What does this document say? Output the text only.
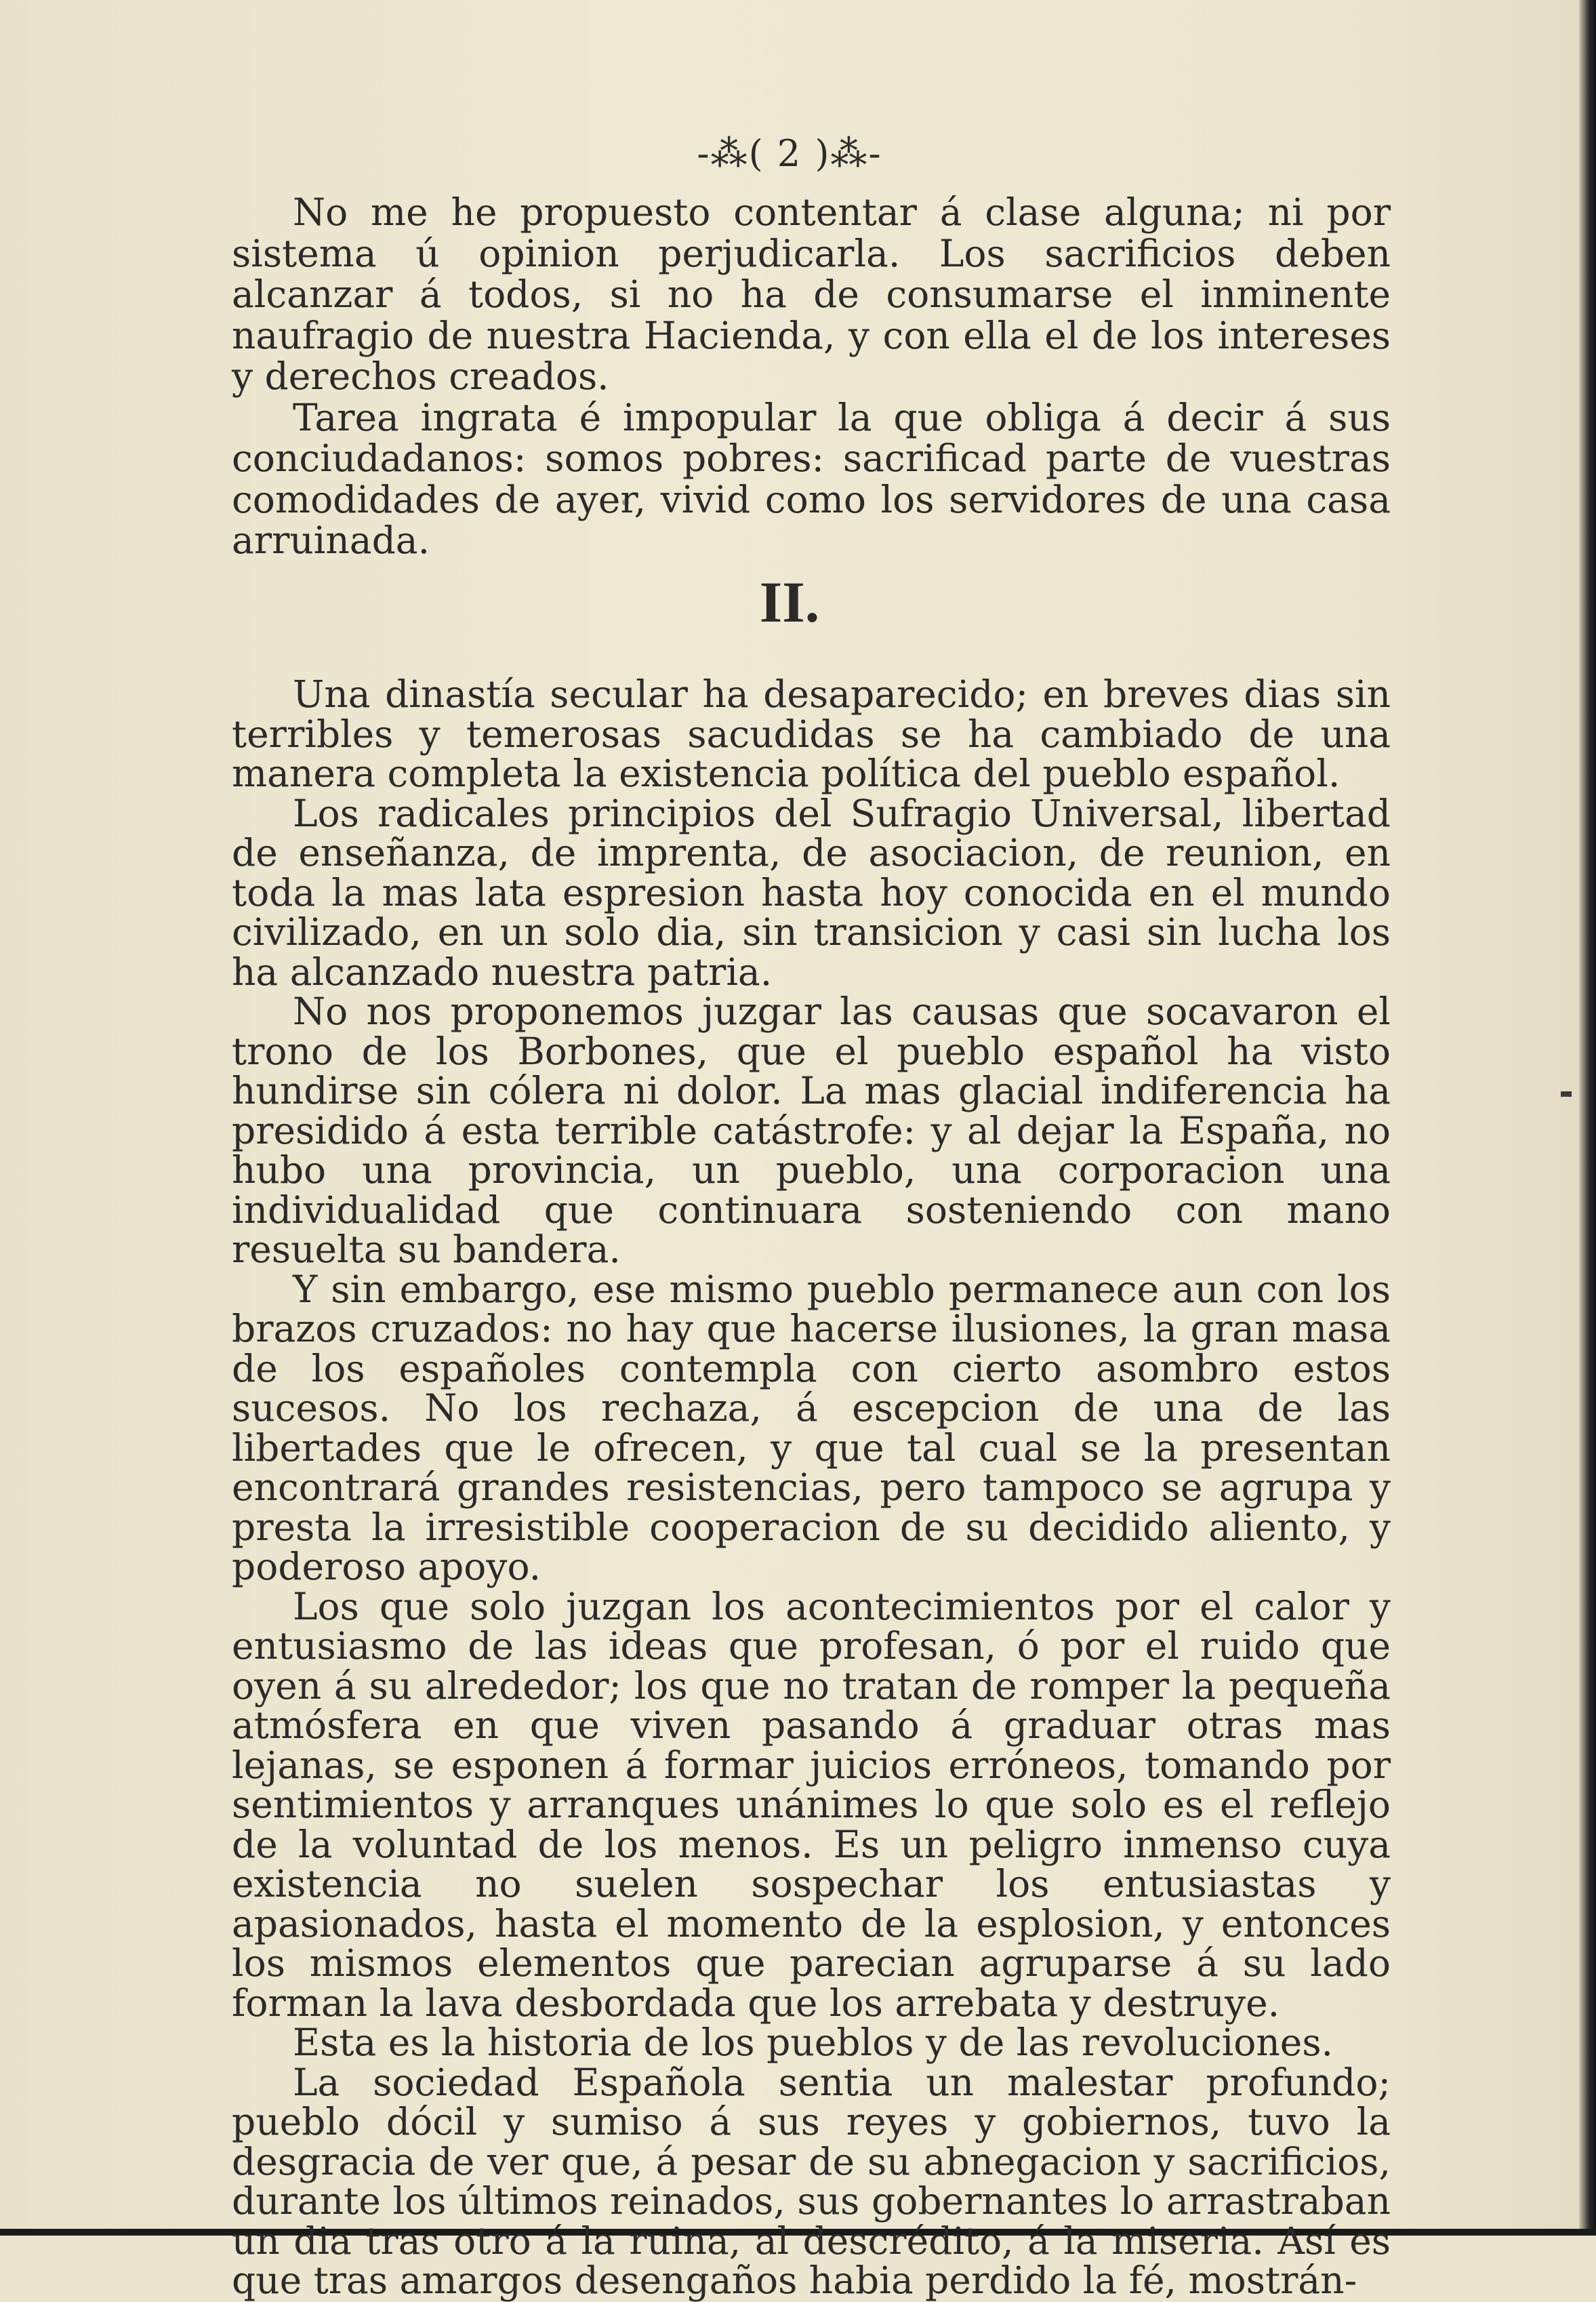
-⁂( 2 )⁂-

No me he propuesto contentar á clase alguna; ni por sistema ú opinion perjudicarla. Los sacrificios deben alcanzar á todos, si no ha de consumarse el inminente naufragio de nuestra Hacienda, y con ella el de los intereses y derechos creados.

Tarea ingrata é impopular la que obliga á decir á sus conciudadanos: somos pobres: sacrificad parte de vuestras comodidades de ayer, vivid como los servidores de una casa arruinada.

II.

Una dinastía secular ha desaparecido; en breves dias sin terribles y temerosas sacudidas se ha cambiado de una manera completa la existencia política del pueblo español.

Los radicales principios del Sufragio Universal, libertad de enseñanza, de imprenta, de asociacion, de reunion, en toda la mas lata espresion hasta hoy conocida en el mundo civilizado, en un solo dia, sin transicion y casi sin lucha los ha alcanzado nuestra patria.

No nos proponemos juzgar las causas que socavaron el trono de los Borbones, que el pueblo español ha visto hundirse sin cólera ni dolor. La mas glacial indiferencia ha presidido á esta terrible catástrofe: y al dejar la España, no hubo una provincia, un pueblo, una corporacion una individualidad que continuara sosteniendo con mano resuelta su bandera.

Y sin embargo, ese mismo pueblo permanece aun con los brazos cruzados: no hay que hacerse ilusiones, la gran masa de los españoles contempla con cierto asombro estos sucesos. No los rechaza, á escepcion de una de las libertades que le ofrecen, y que tal cual se la presentan encontrará grandes resistencias, pero tampoco se agrupa y presta la irresistible cooperacion de su decidido aliento, y poderoso apoyo.

Los que solo juzgan los acontecimientos por el calor y entusiasmo de las ideas que profesan, ó por el ruido que oyen á su alrededor; los que no tratan de romper la pequeña atmósfera en que viven pasando á graduar otras mas lejanas, se esponen á formar juicios erróneos, tomando por sentimientos y arranques unánimes lo que solo es el reflejo de la voluntad de los menos. Es un peligro inmenso cuya existencia no suelen sospechar los entusiastas y apasionados, hasta el momento de la esplosion, y entonces los mismos elementos que parecian agruparse á su lado forman la lava desbordada que los arrebata y destruye.

Esta es la historia de los pueblos y de las revoluciones.

La sociedad Española sentia un malestar profundo; pueblo dócil y sumiso á sus reyes y gobiernos, tuvo la desgracia de ver que, á pesar de su abnegacion y sacrificios, durante los últimos reinados, sus gobernantes lo arrastraban un dia tras otro á la ruina, al descrédito, á la miseria. Así es que tras amargos desengaños habia perdido la fé, mostrán-
